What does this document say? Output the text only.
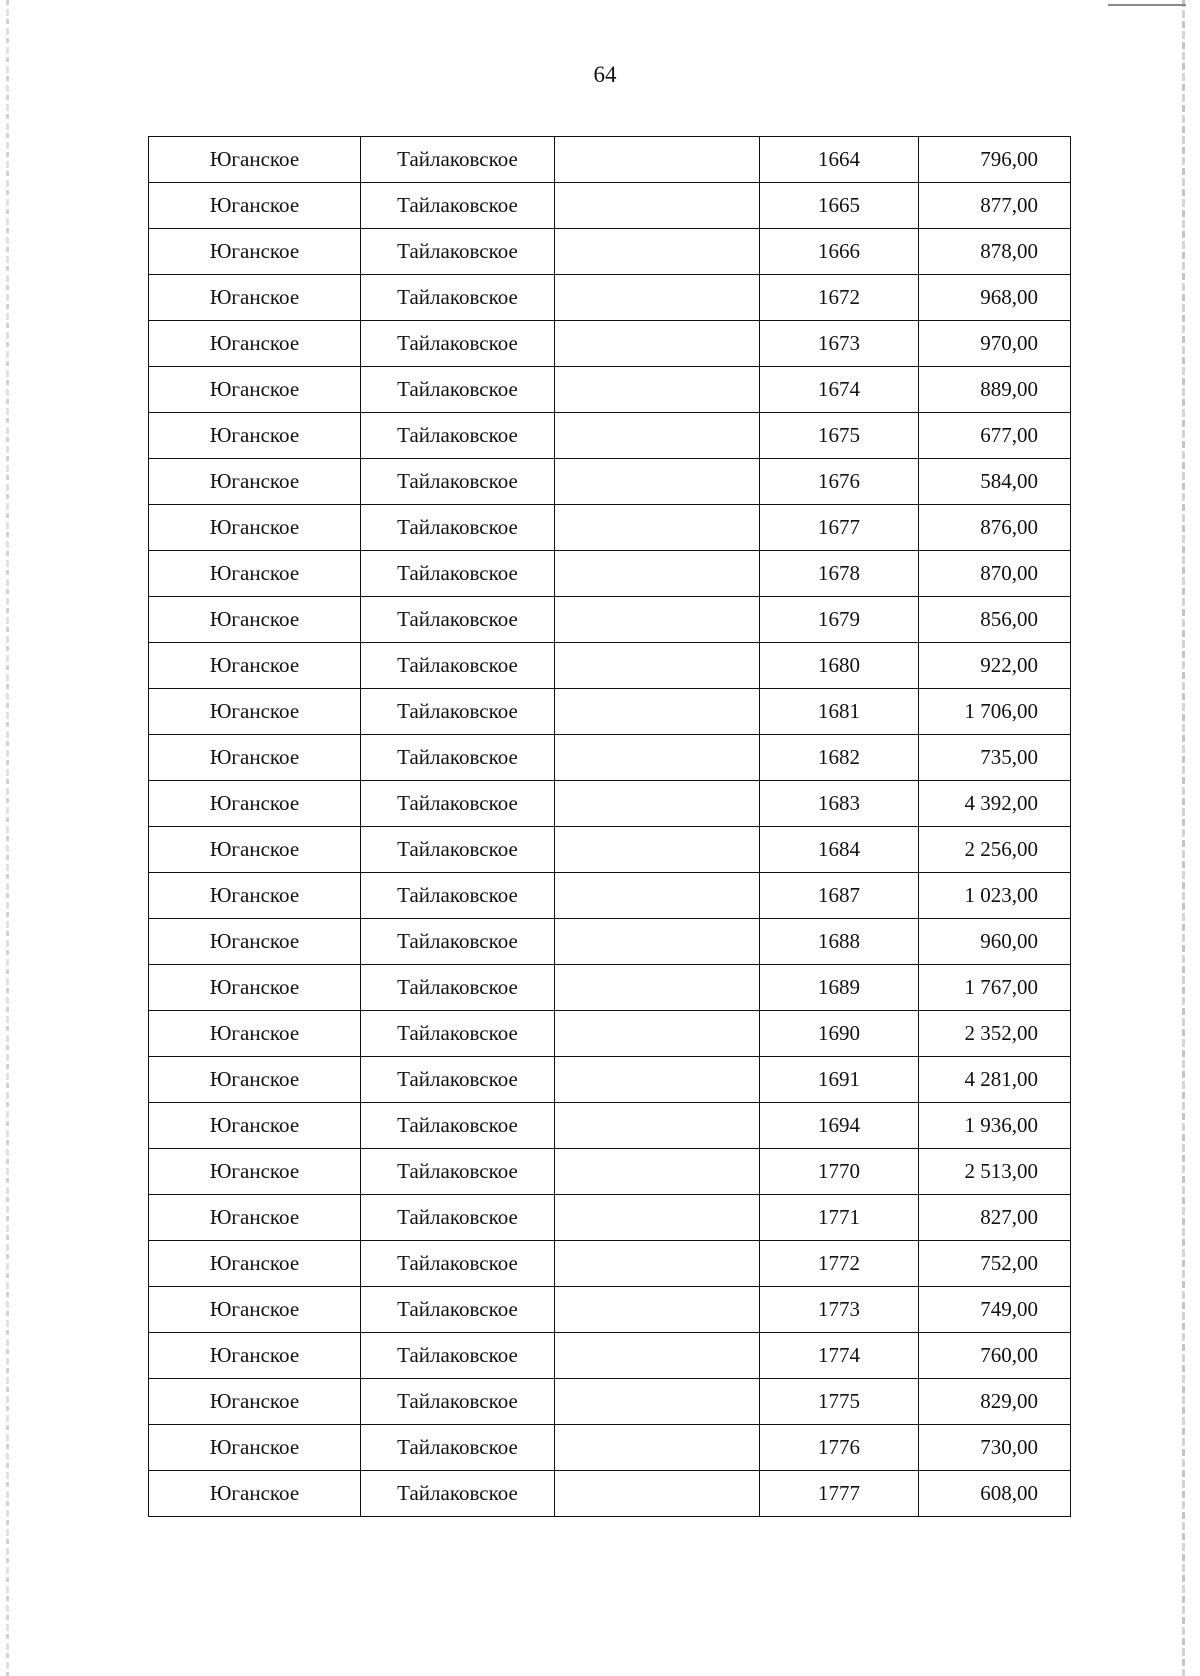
64
Юганское	Тайлаковское		1664	796,00
Юганское	Тайлаковское		1665	877,00
Юганское	Тайлаковское		1666	878,00
Юганское	Тайлаковское		1672	968,00
Юганское	Тайлаковское		1673	970,00
Юганское	Тайлаковское		1674	889,00
Юганское	Тайлаковское		1675	677,00
Юганское	Тайлаковское		1676	584,00
Юганское	Тайлаковское		1677	876,00
Юганское	Тайлаковское		1678	870,00
Юганское	Тайлаковское		1679	856,00
Юганское	Тайлаковское		1680	922,00
Юганское	Тайлаковское		1681	1 706,00
Юганское	Тайлаковское		1682	735,00
Юганское	Тайлаковское		1683	4 392,00
Юганское	Тайлаковское		1684	2 256,00
Юганское	Тайлаковское		1687	1 023,00
Юганское	Тайлаковское		1688	960,00
Юганское	Тайлаковское		1689	1 767,00
Юганское	Тайлаковское		1690	2 352,00
Юганское	Тайлаковское		1691	4 281,00
Юганское	Тайлаковское		1694	1 936,00
Юганское	Тайлаковское		1770	2 513,00
Юганское	Тайлаковское		1771	827,00
Юганское	Тайлаковское		1772	752,00
Юганское	Тайлаковское		1773	749,00
Юганское	Тайлаковское		1774	760,00
Юганское	Тайлаковское		1775	829,00
Юганское	Тайлаковское		1776	730,00
Юганское	Тайлаковское		1777	608,00
